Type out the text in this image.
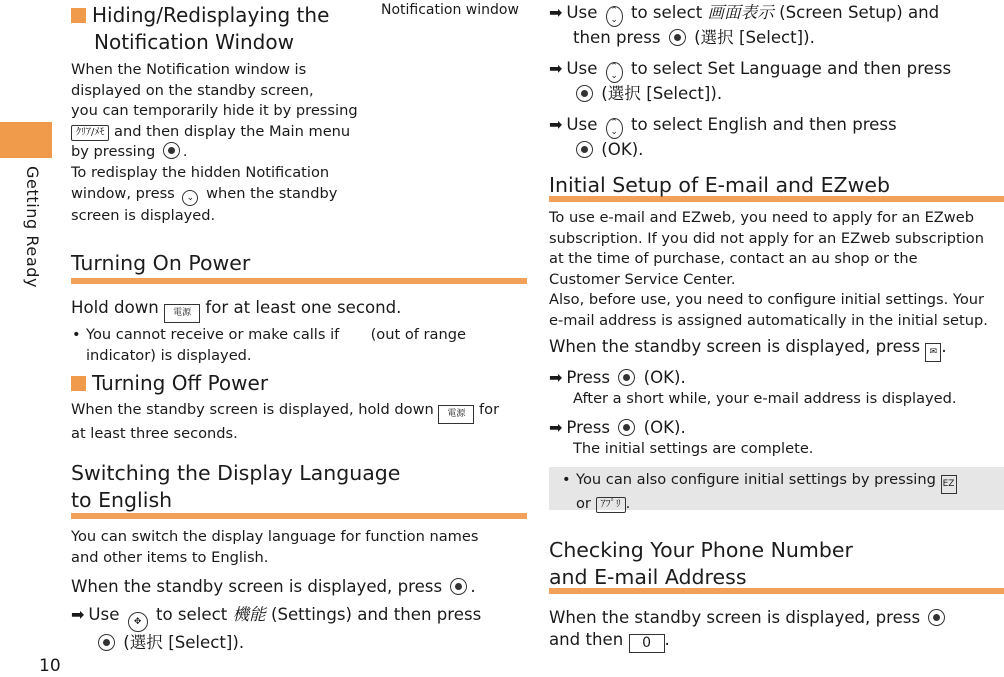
Getting Ready
10
Notification window
Hiding/Redisplaying the
Notification Window
When the Notification window is
displayed on the standby screen,
you can temporarily hide it by pressing
ｸﾘｱ/ﾒﾓ and then display the Main menu
by pressing .
To redisplay the hidden Notification
window, press ⌄ when the standby
screen is displayed.
Turning On Power
Hold down 電源 for at least one second.
• You cannot receive or make calls if (out of range
indicator) is displayed.
Turning Off Power
When the standby screen is displayed, hold down 電源 for
at least three seconds.
Switching the Display Language
to English
You can switch the display language for function names
and other items to English.
When the standby screen is displayed, press .
➡ Use ✥ to select 機能 (Settings) and then press
(選択 [Select]).
➡ Use ⌃
⌄ to select 画面表示 (Screen Setup) and
then press (選択 [Select]).
➡ Use ⌃
⌄ to select Set Language and then press
(選択 [Select]).
➡ Use ⌃
⌄ to select English and then press
(OK).
Initial Setup of E-mail and EZweb
To use e-mail and EZweb, you need to apply for an EZweb
subscription. If you did not apply for an EZweb subscription
at the time of purchase, contact an au shop or the
Customer Service Center.
Also, before use, you need to configure initial settings. Your
e-mail address is assigned automatically in the initial setup.
When the standby screen is displayed, press ✉ .
➡ Press (OK).
After a short while, your e-mail address is displayed.
➡ Press (OK).
The initial settings are complete.
• You can also configure initial settings by pressing EZ
or ｱﾌﾟﾘ .
Checking Your Phone Number
and E-mail Address
When the standby screen is displayed, press
and then 0 .
